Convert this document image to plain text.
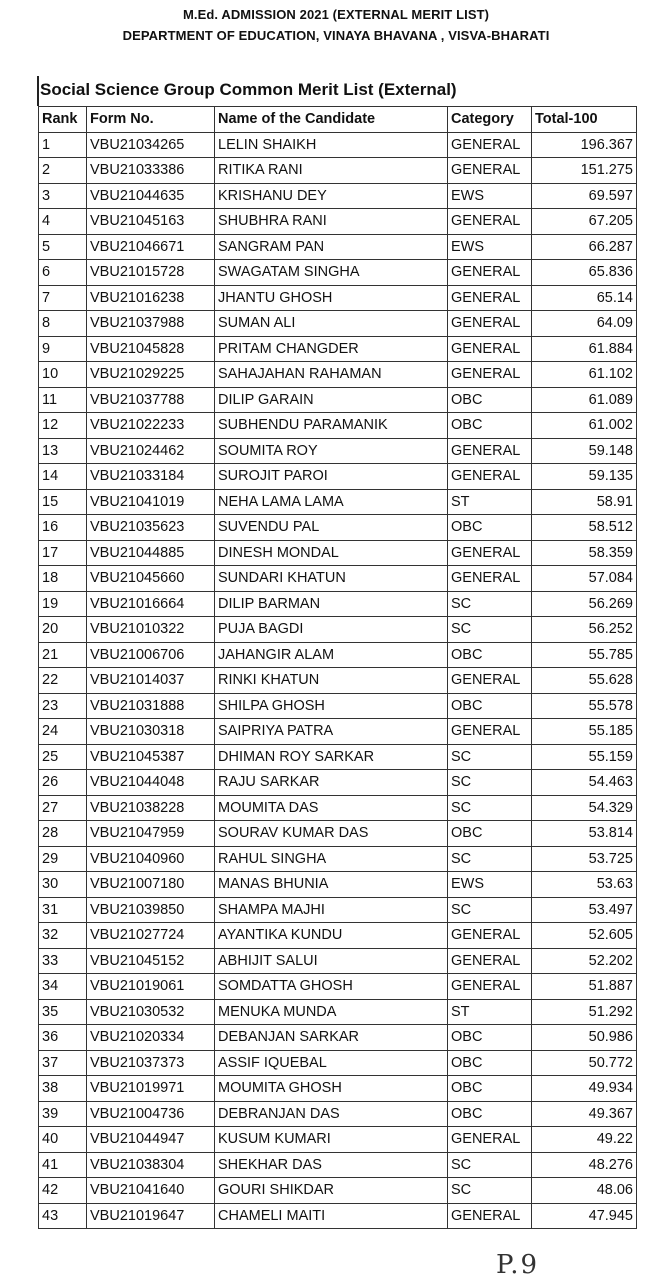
M.Ed. ADMISSION 2021 (EXTERNAL MERIT LIST)
DEPARTMENT OF EDUCATION, VINAYA BHAVANA , VISVA-BHARATI
Social Science Group Common Merit List (External)
Rank	Form No.	Name of the Candidate	Category	Total-100
1	VBU21034265	LELIN SHAIKH	GENERAL	196.367
2	VBU21033386	RITIKA RANI	GENERAL	151.275
3	VBU21044635	KRISHANU DEY	EWS	69.597
4	VBU21045163	SHUBHRA RANI	GENERAL	67.205
5	VBU21046671	SANGRAM PAN	EWS	66.287
6	VBU21015728	SWAGATAM SINGHA	GENERAL	65.836
7	VBU21016238	JHANTU GHOSH	GENERAL	65.14
8	VBU21037988	SUMAN ALI	GENERAL	64.09
9	VBU21045828	PRITAM CHANGDER	GENERAL	61.884
10	VBU21029225	SAHAJAHAN RAHAMAN	GENERAL	61.102
11	VBU21037788	DILIP GARAIN	OBC	61.089
12	VBU21022233	SUBHENDU PARAMANIK	OBC	61.002
13	VBU21024462	SOUMITA ROY	GENERAL	59.148
14	VBU21033184	SUROJIT PAROI	GENERAL	59.135
15	VBU21041019	NEHA LAMA LAMA	ST	58.91
16	VBU21035623	SUVENDU PAL	OBC	58.512
17	VBU21044885	DINESH MONDAL	GENERAL	58.359
18	VBU21045660	SUNDARI KHATUN	GENERAL	57.084
19	VBU21016664	DILIP BARMAN	SC	56.269
20	VBU21010322	PUJA BAGDI	SC	56.252
21	VBU21006706	JAHANGIR ALAM	OBC	55.785
22	VBU21014037	RINKI KHATUN	GENERAL	55.628
23	VBU21031888	SHILPA GHOSH	OBC	55.578
24	VBU21030318	SAIPRIYA PATRA	GENERAL	55.185
25	VBU21045387	DHIMAN ROY SARKAR	SC	55.159
26	VBU21044048	RAJU SARKAR	SC	54.463
27	VBU21038228	MOUMITA DAS	SC	54.329
28	VBU21047959	SOURAV KUMAR DAS	OBC	53.814
29	VBU21040960	RAHUL SINGHA	SC	53.725
30	VBU21007180	MANAS BHUNIA	EWS	53.63
31	VBU21039850	SHAMPA MAJHI	SC	53.497
32	VBU21027724	AYANTIKA KUNDU	GENERAL	52.605
33	VBU21045152	ABHIJIT SALUI	GENERAL	52.202
34	VBU21019061	SOMDATTA GHOSH	GENERAL	51.887
35	VBU21030532	MENUKA MUNDA	ST	51.292
36	VBU21020334	DEBANJAN SARKAR	OBC	50.986
37	VBU21037373	ASSIF IQUEBAL	OBC	50.772
38	VBU21019971	MOUMITA GHOSH	OBC	49.934
39	VBU21004736	DEBRANJAN DAS	OBC	49.367
40	VBU21044947	KUSUM KUMARI	GENERAL	49.22
41	VBU21038304	SHEKHAR DAS	SC	48.276
42	VBU21041640	GOURI SHIKDAR	SC	48.06
43	VBU21019647	CHAMELI MAITI	GENERAL	47.945
P.9
